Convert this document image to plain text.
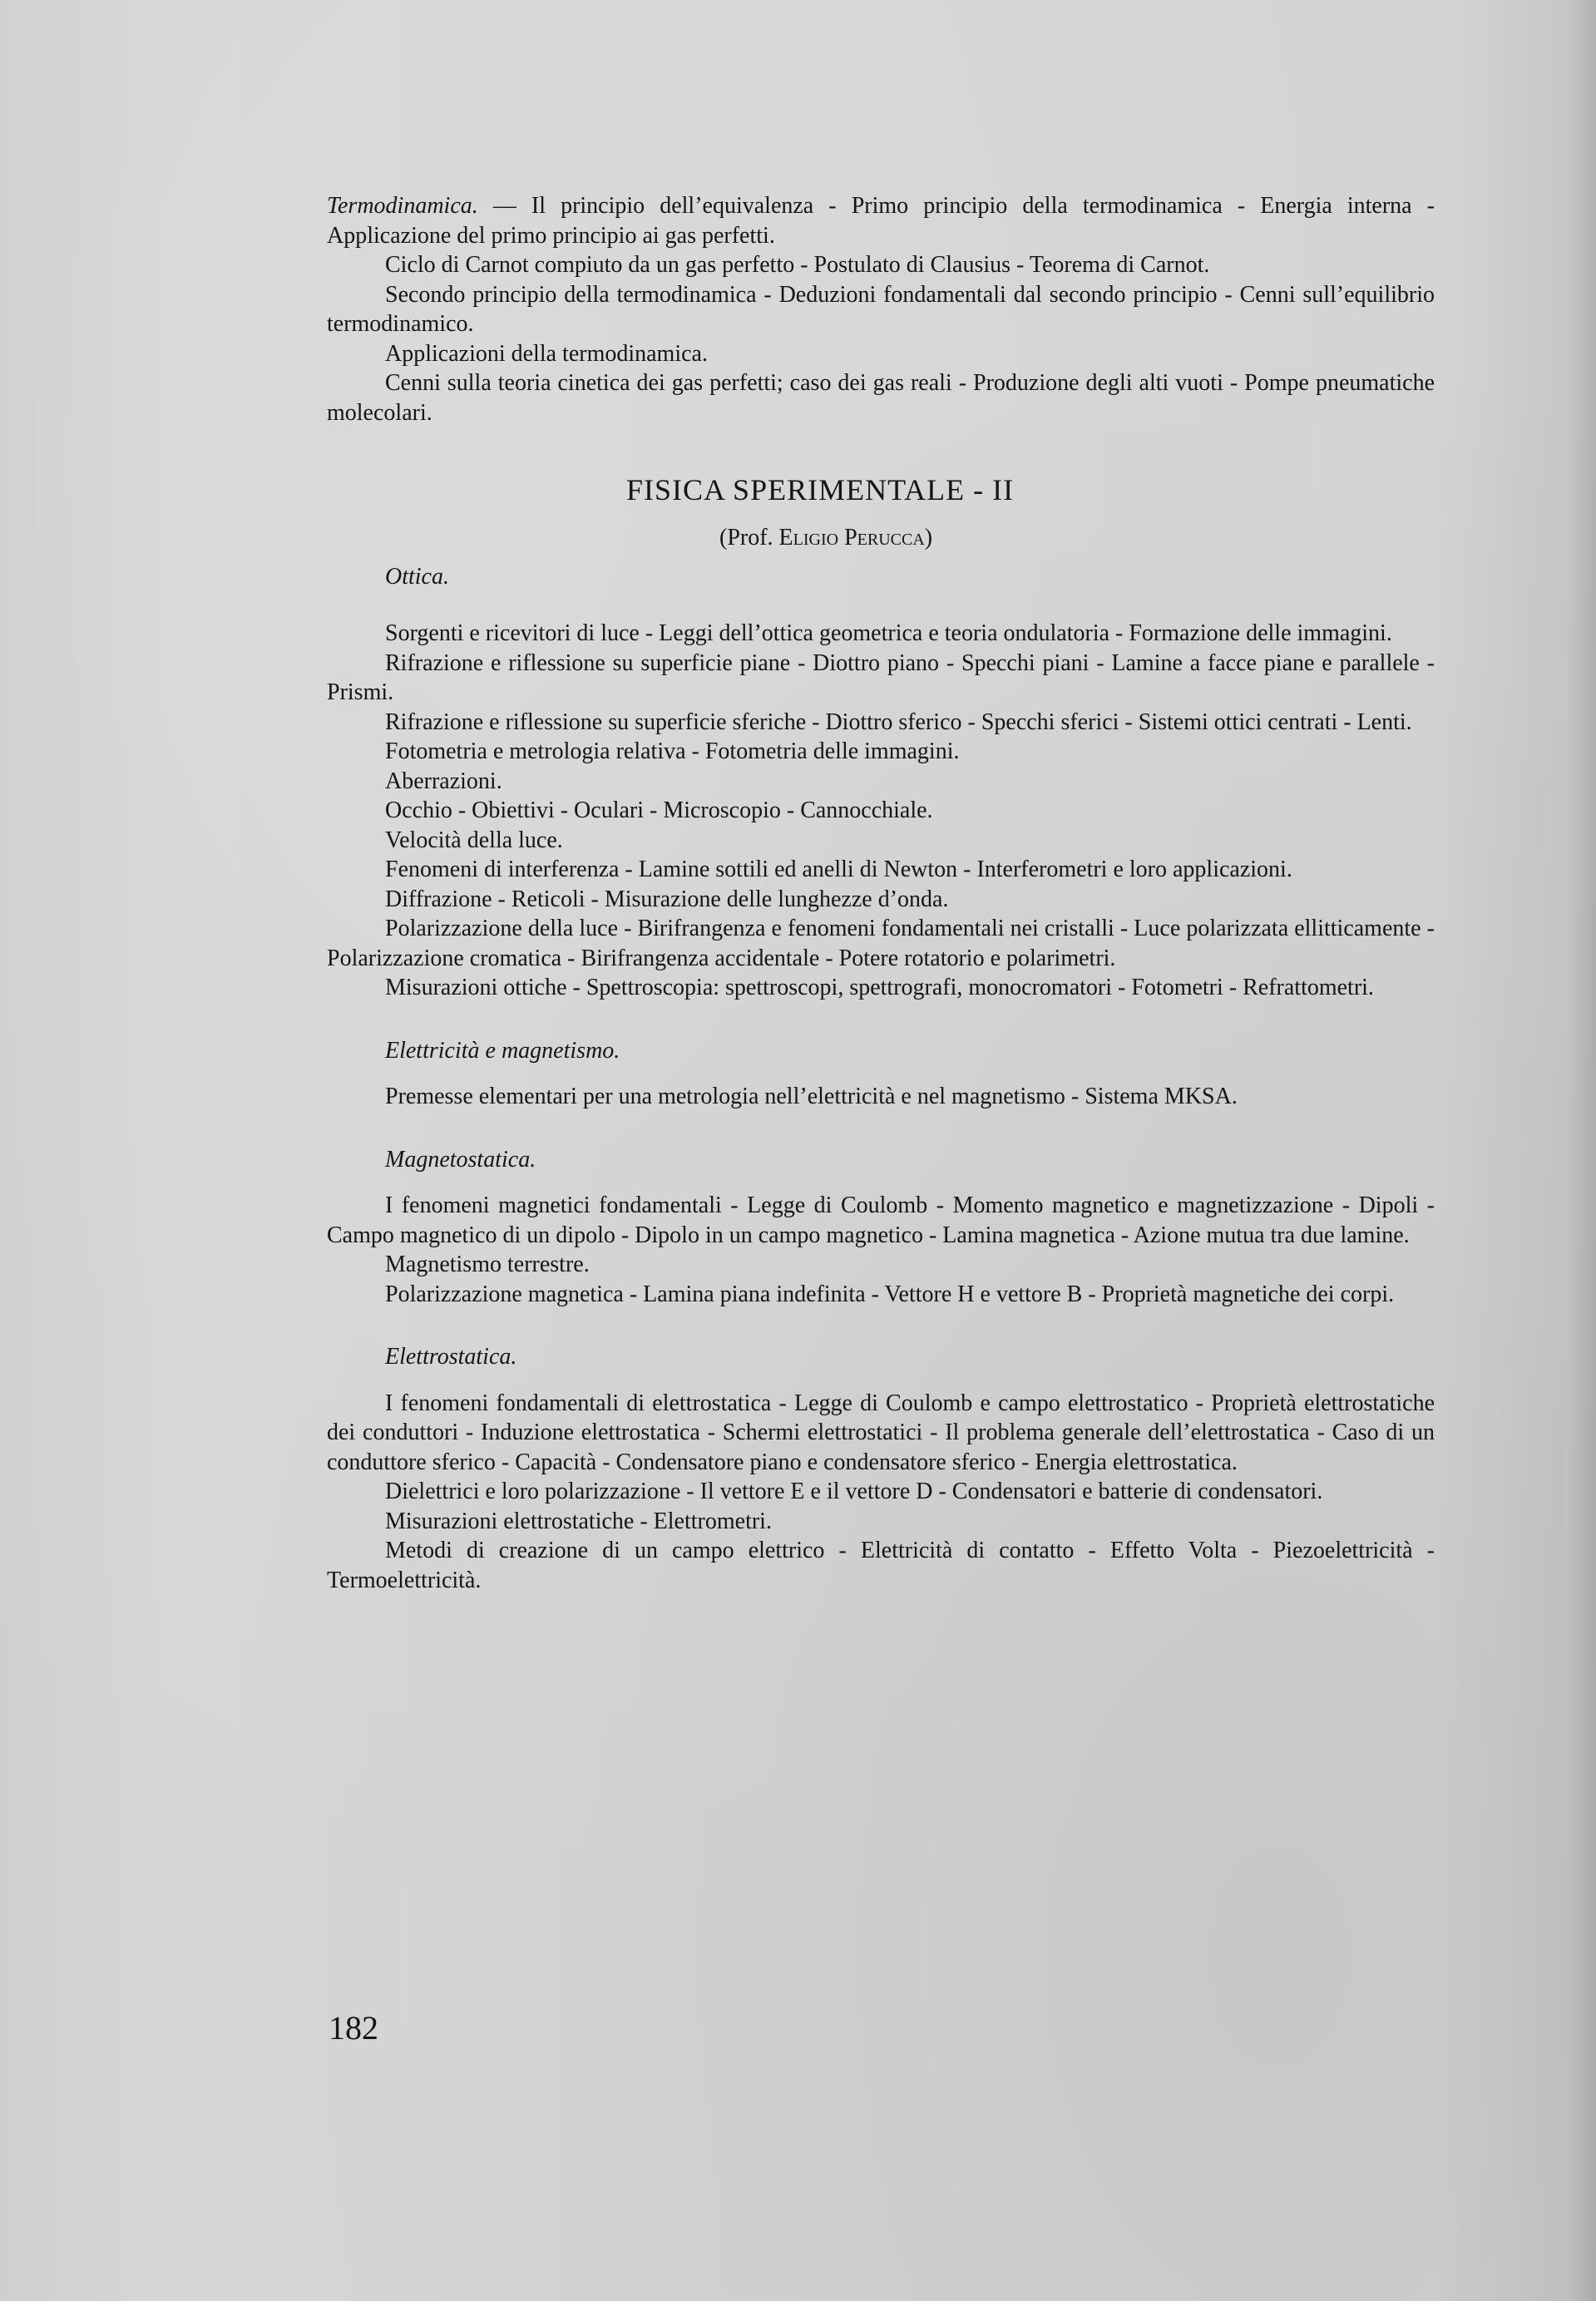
Termodinamica. — Il principio dell’equivalenza - Primo principio della termodinamica - Energia interna - Applicazione del primo principio ai gas perfetti.

Ciclo di Carnot compiuto da un gas perfetto - Postulato di Clausius - Teorema di Carnot.

Secondo principio della termodinamica - Deduzioni fondamentali dal secondo principio - Cenni sull’equilibrio termodinamico.

Applicazioni della termodinamica.

Cenni sulla teoria cinetica dei gas perfetti; caso dei gas reali - Produzione degli alti vuoti - Pompe pneumatiche molecolari.

FISICA SPERIMENTALE - II

(Prof. Eligio Perucca)

Ottica.

Sorgenti e ricevitori di luce - Leggi dell’ottica geometrica e teoria ondulatoria - Formazione delle immagini.

Rifrazione e riflessione su superficie piane - Diottro piano - Specchi piani - Lamine a facce piane e parallele - Prismi.

Rifrazione e riflessione su superficie sferiche - Diottro sferico - Specchi sferici - Sistemi ottici centrati - Lenti.

Fotometria e metrologia relativa - Fotometria delle immagini.

Aberrazioni.

Occhio - Obiettivi - Oculari - Microscopio - Cannocchiale.

Velocità della luce.

Fenomeni di interferenza - Lamine sottili ed anelli di Newton - Interferometri e loro applicazioni.

Diffrazione - Reticoli - Misurazione delle lunghezze d’onda.

Polarizzazione della luce - Birifrangenza e fenomeni fondamentali nei cristalli - Luce polarizzata ellitticamente - Polarizzazione cromatica - Birifrangenza accidentale - Potere rotatorio e polarimetri.

Misurazioni ottiche - Spettroscopia: spettroscopi, spettrografi, monocromatori - Fotometri - Refrattometri.

Elettricità e magnetismo.

Premesse elementari per una metrologia nell’elettricità e nel magnetismo - Sistema MKSA.

Magnetostatica.

I fenomeni magnetici fondamentali - Legge di Coulomb - Momento magnetico e magnetizzazione - Dipoli - Campo magnetico di un dipolo - Dipolo in un campo magnetico - Lamina magnetica - Azione mutua tra due lamine.

Magnetismo terrestre.

Polarizzazione magnetica - Lamina piana indefinita - Vettore H e vettore B - Proprietà magnetiche dei corpi.

Elettrostatica.

I fenomeni fondamentali di elettrostatica - Legge di Coulomb e campo elettrostatico - Proprietà elettrostatiche dei conduttori - Induzione elettrostatica - Schermi elettrostatici - Il problema generale dell’elettrostatica - Caso di un conduttore sferico - Capacità - Condensatore piano e condensatore sferico - Energia elettrostatica.

Dielettrici e loro polarizzazione - Il vettore E e il vettore D - Condensatori e batterie di condensatori.

Misurazioni elettrostatiche - Elettrometri.

Metodi di creazione di un campo elettrico - Elettricità di contatto - Effetto Volta - Piezoelettricità - Termoelettricità.

182
